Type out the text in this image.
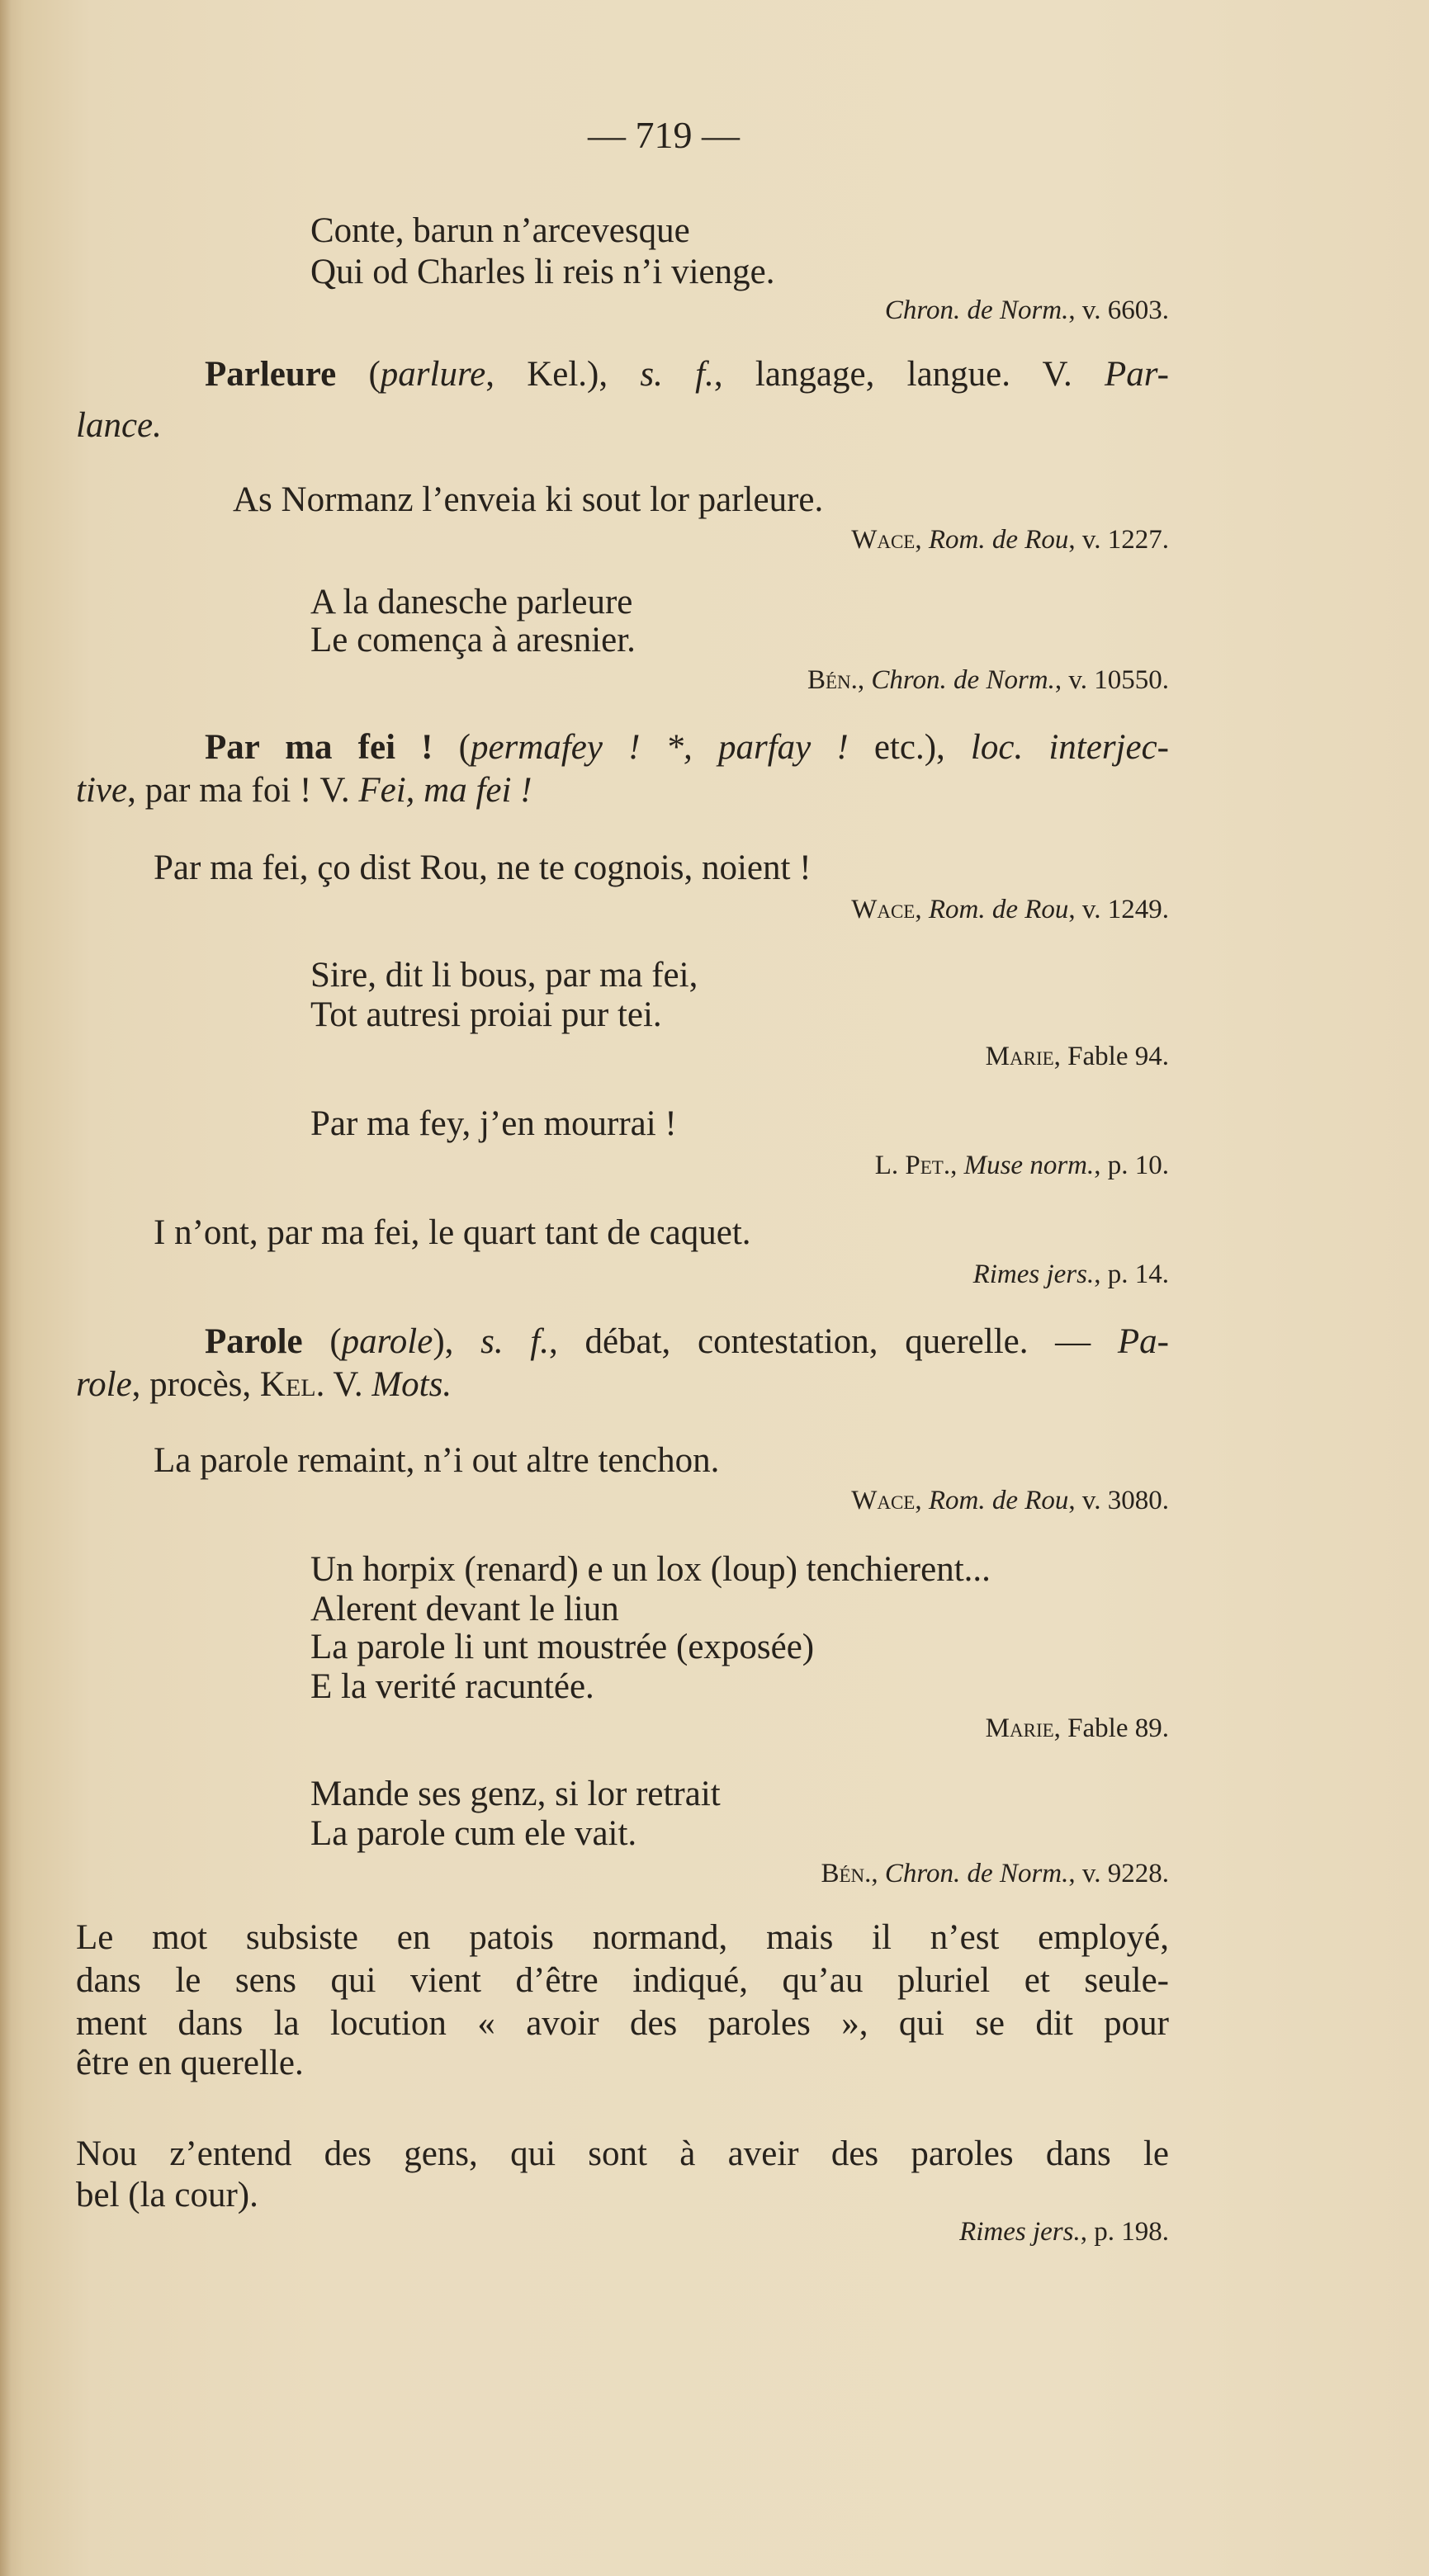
— 719 —
Conte, barun n’arcevesque
Qui od Charles li reis n’i vienge.
Chron. de Norm., v. 6603.
Parleure (parlure, Kel.), s. f., langage, langue. V. Par-
lance.
As Normanz l’enveia ki sout lor parleure.
Wace, Rom. de Rou, v. 1227.
A la danesche parleure
Le comença à aresnier.
Bén., Chron. de Norm., v. 10550.
Par ma fei ! (permafey ! *, parfay ! etc.), loc. interjec-
tive, par ma foi ! V. Fei, ma fei !
Par ma fei, ço dist Rou, ne te cognois, noient !
Wace, Rom. de Rou, v. 1249.
Sire, dit li bous, par ma fei,
Tot autresi proiai pur tei.
Marie, Fable 94.
Par ma fey, j’en mourrai !
L. Pet., Muse norm., p. 10.
I n’ont, par ma fei, le quart tant de caquet.
Rimes jers., p. 14.
Parole (parole), s. f., débat, contestation, querelle. — Pa-
role, procès, Kel. V. Mots.
La parole remaint, n’i out altre tenchon.
Wace, Rom. de Rou, v. 3080.
Un horpix (renard) e un lox (loup) tenchierent...
Alerent devant le liun
La parole li unt moustrée (exposée)
E la verité racuntée.
Marie, Fable 89.
Mande ses genz, si lor retrait
La parole cum ele vait.
Bén., Chron. de Norm., v. 9228.
Le mot subsiste en patois normand, mais il n’est employé,
dans le sens qui vient d’être indiqué, qu’au pluriel et seule-
ment dans la locution « avoir des paroles », qui se dit pour
être en querelle.
Nou z’entend des gens, qui sont à aveir des paroles dans le
bel (la cour).
Rimes jers., p. 198.
